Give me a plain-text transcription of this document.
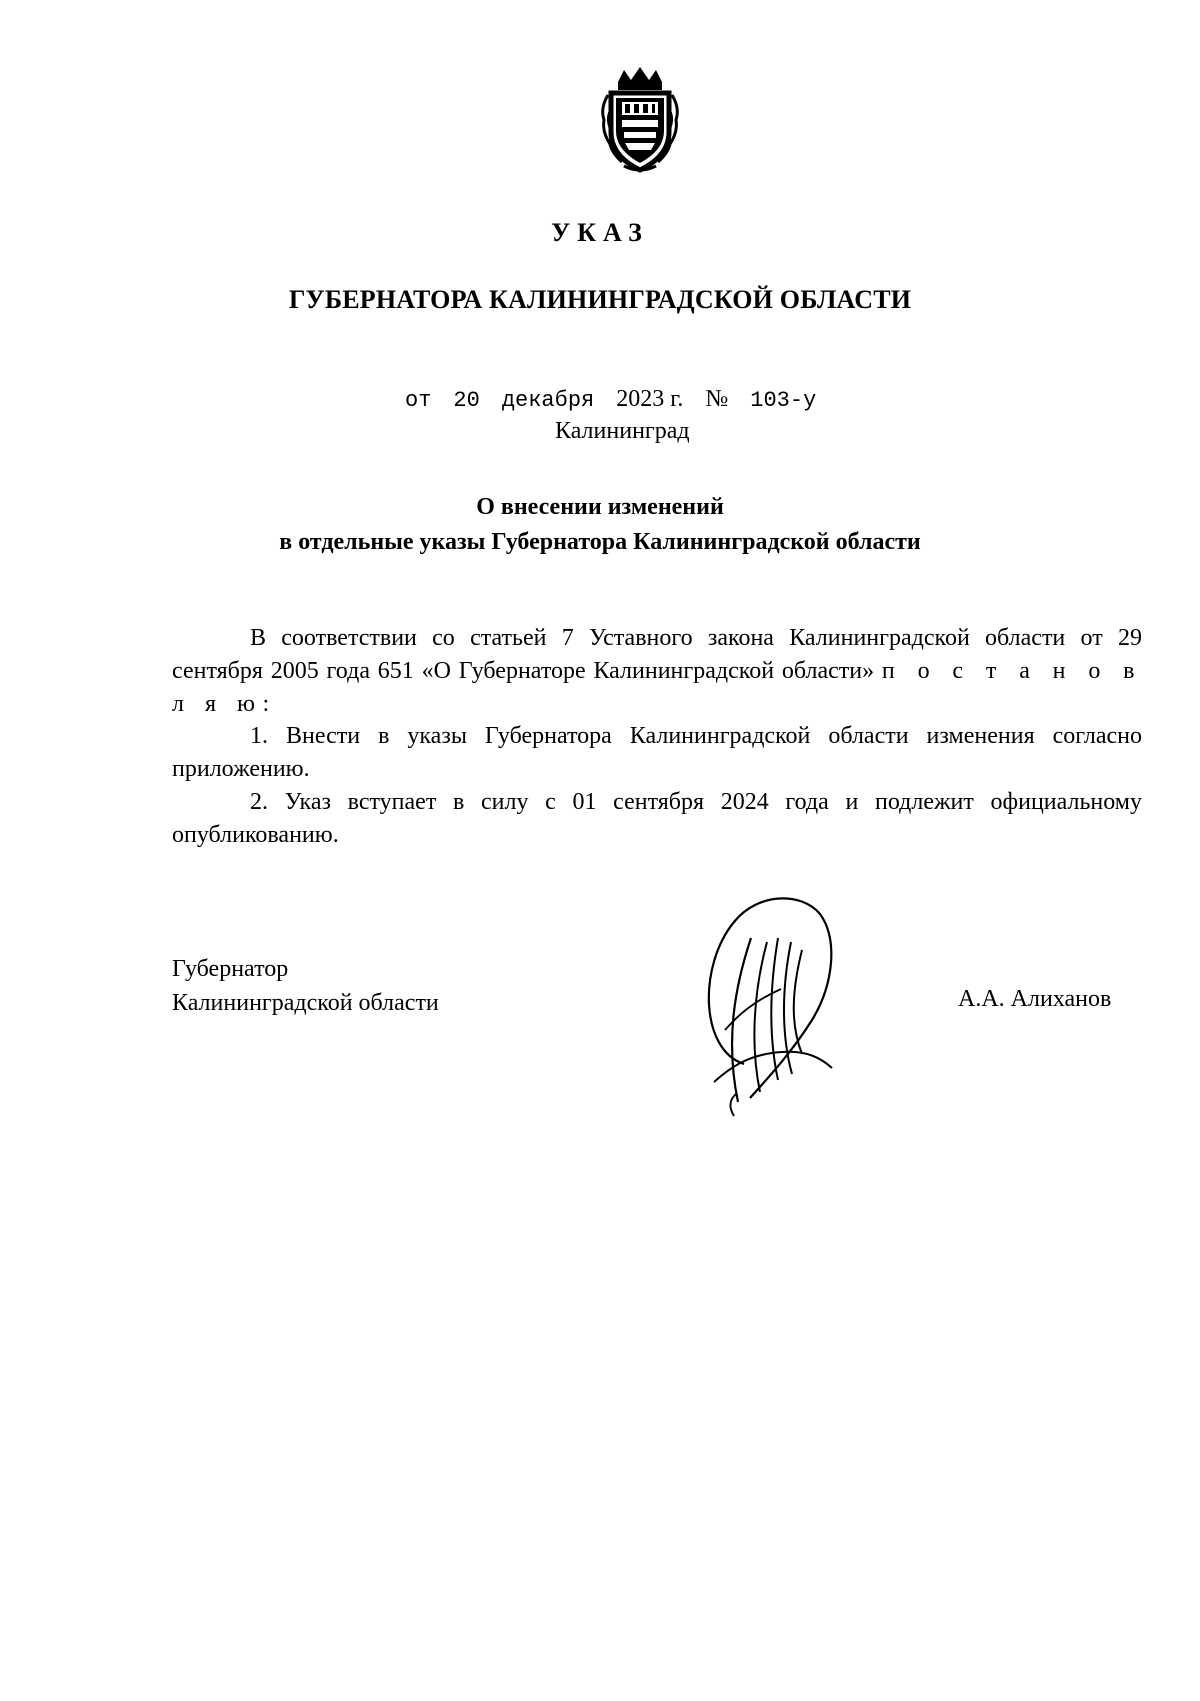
УКАЗ
ГУБЕРНАТОРА КАЛИНИНГРАДСКОЙ ОБЛАСТИ
от 20 декабря 2023 г. № 103-у
Калининград
О внесении изменений
в отдельные указы Губернатора Калининградской области
В соответствии со статьей 7 Уставного закона Калининградской области от 29 сентября 2005 года 651 «О Губернаторе Калининградской области» п о с т а н о в л я ю:
1. Внести в указы Губернатора Калининградской области изменения согласно приложению.
2. Указ вступает в силу с 01 сентября 2024 года и подлежит официальному опубликованию.
Губернатор
Калининградской области	А.А. Алиханов
